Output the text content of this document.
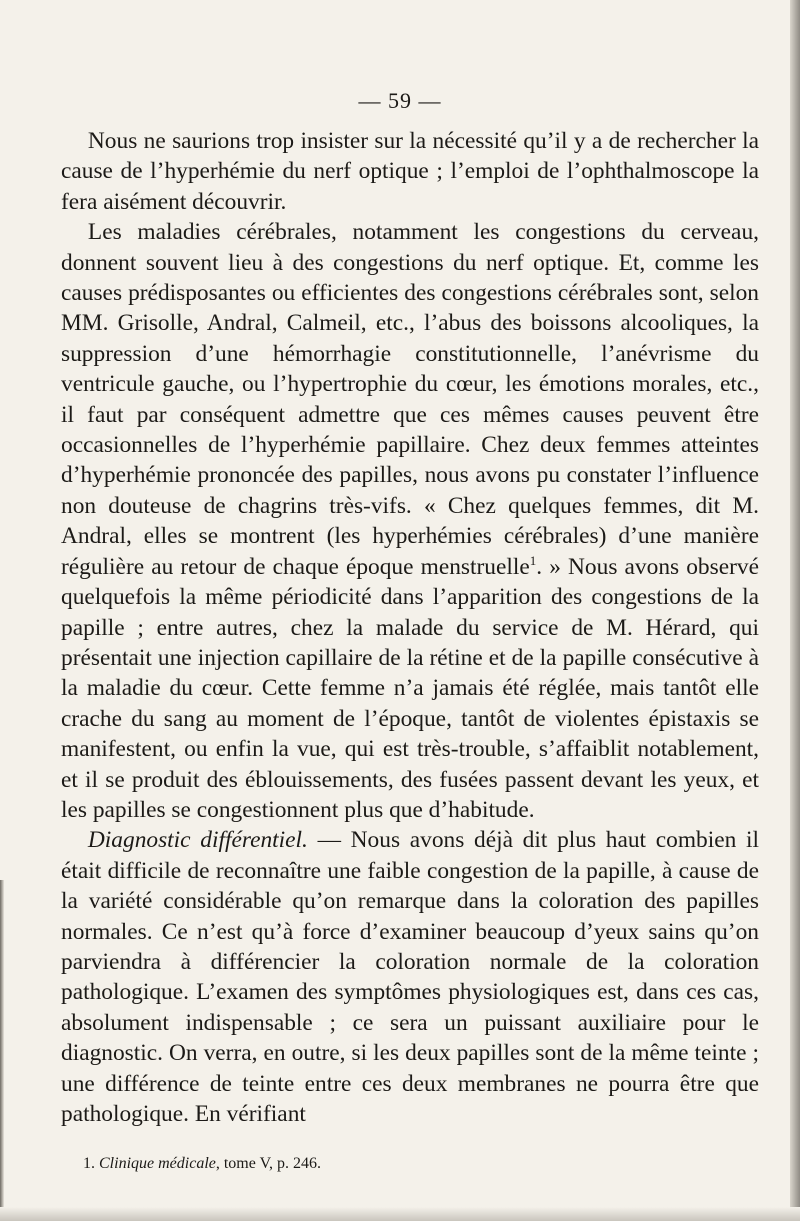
— 59 —

Nous ne saurions trop insister sur la nécessité qu’il y a de rechercher la cause de l’hyperhémie du nerf optique ; l’emploi de l’ophthalmoscope la fera aisément découvrir.

Les maladies cérébrales, notamment les congestions du cerveau, donnent souvent lieu à des congestions du nerf optique. Et, comme les causes prédisposantes ou efficientes des congestions cérébrales sont, selon MM. Grisolle, Andral, Calmeil, etc., l’abus des boissons alcooliques, la suppression d’une hémorrhagie constitutionnelle, l’anévrisme du ventricule gauche, ou l’hypertrophie du cœur, les émotions morales, etc., il faut par conséquent admettre que ces mêmes causes peuvent être occasionnelles de l’hyperhémie papillaire. Chez deux femmes atteintes d’hyperhémie prononcée des papilles, nous avons pu constater l’influence non douteuse de chagrins très-vifs. « Chez quelques femmes, dit M. Andral, elles se montrent (les hyperhémies cérébrales) d’une manière régulière au retour de chaque époque menstruelle$^1$. » Nous avons observé quelquefois la même périodicité dans l’apparition des congestions de la papille ; entre autres, chez la malade du service de M. Hérard, qui présentait une injection capillaire de la rétine et de la papille consécutive à la maladie du cœur. Cette femme n’a jamais été réglée, mais tantôt elle crache du sang au moment de l’époque, tantôt de violentes épistaxis se manifestent, ou enfin la vue, qui est très-trouble, s’affaiblit notablement, et il se produit des éblouissements, des fusées passent devant les yeux, et les papilles se congestionnent plus que d’habitude.

Diagnostic différentiel. — Nous avons déjà dit plus haut combien il était difficile de reconnaître une faible congestion de la papille, à cause de la variété considérable qu’on remarque dans la coloration des papilles normales. Ce n’est qu’à force d’examiner beaucoup d’yeux sains qu’on parviendra à différencier la coloration normale de la coloration pathologique. L’examen des symptômes physiologiques est, dans ces cas, absolument indispensable ; ce sera un puissant auxiliaire pour le diagnostic. On verra, en outre, si les deux papilles sont de la même teinte ; une différence de teinte entre ces deux membranes ne pourra être que pathologique. En vérifiant

1. Clinique médicale, tome V, p. 246.
